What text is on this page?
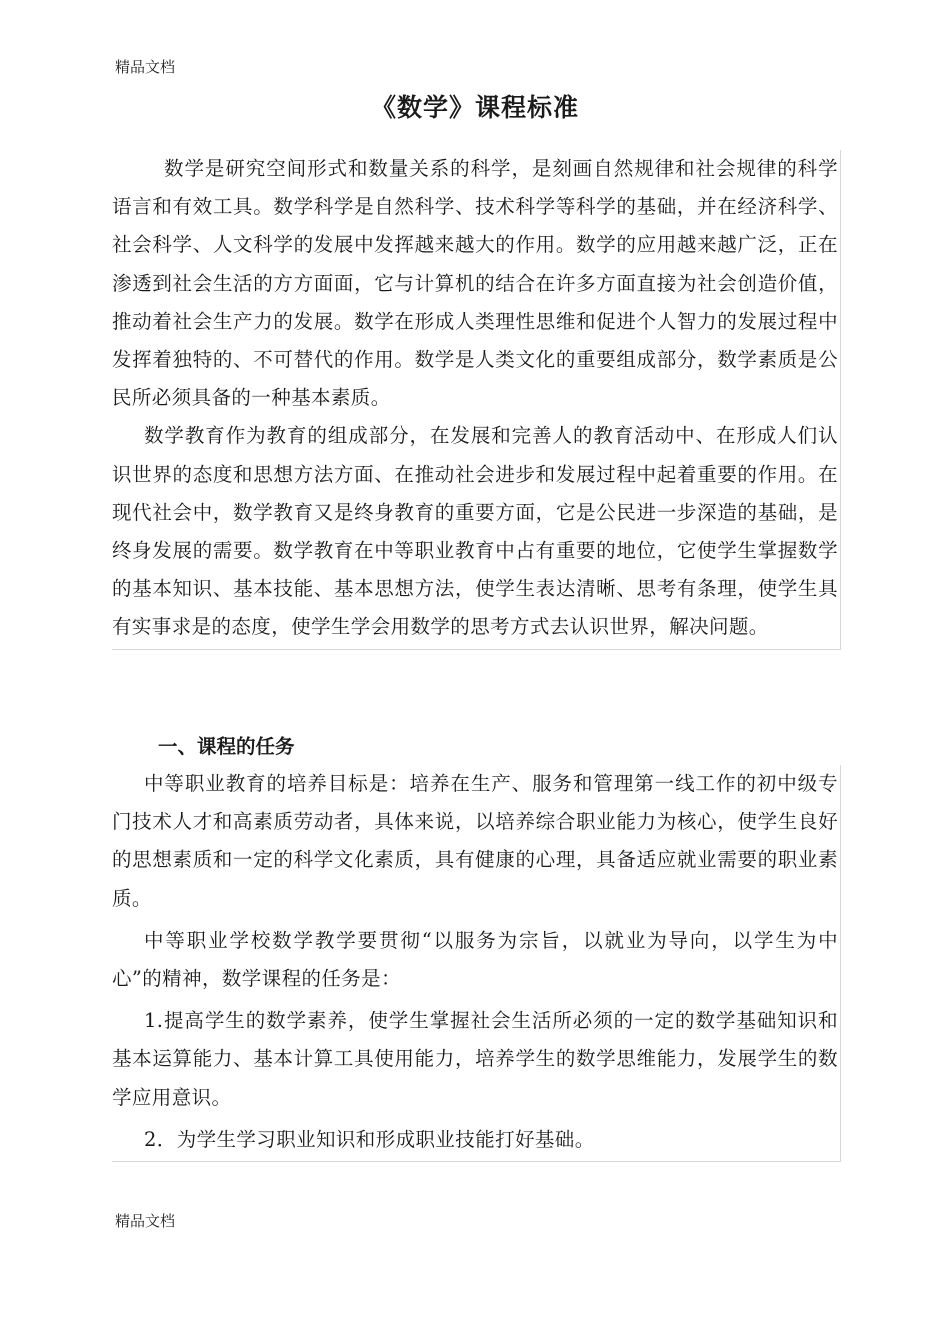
精品文档
《数学》课程标准

数学是研究空间形式和数量关系的科学，是刻画自然规律和社会规律的科学语言和有效工具。数学科学是自然科学、技术科学等科学的基础，并在经济科学、社会科学、人文科学的发展中发挥越来越大的作用。数学的应用越来越广泛，正在渗透到社会生活的方方面面，它与计算机的结合在许多方面直接为社会创造价值，推动着社会生产力的发展。数学在形成人类理性思维和促进个人智力的发展过程中发挥着独特的、不可替代的作用。数学是人类文化的重要组成部分，数学素质是公民所必须具备的一种基本素质。

数学教育作为教育的组成部分，在发展和完善人的教育活动中、在形成人们认识世界的态度和思想方法方面、在推动社会进步和发展过程中起着重要的作用。在现代社会中，数学教育又是终身教育的重要方面，它是公民进一步深造的基础，是终身发展的需要。数学教育在中等职业教育中占有重要的地位，它使学生掌握数学的基本知识、基本技能、基本思想方法，使学生表达清晰、思考有条理，使学生具有实事求是的态度，使学生学会用数学的思考方式去认识世界，解决问题。

一、课程的任务

中等职业教育的培养目标是：培养在生产、服务和管理第一线工作的初中级专门技术人才和高素质劳动者，具体来说，以培养综合职业能力为核心，使学生良好的思想素质和一定的科学文化素质，具有健康的心理，具备适应就业需要的职业素质。

中等职业学校数学教学要贯彻“以服务为宗旨，以就业为导向，以学生为中心”的精神，数学课程的任务是：

1.提高学生的数学素养，使学生掌握社会生活所必须的一定的数学基础知识和基本运算能力、基本计算工具使用能力，培养学生的数学思维能力，发展学生的数学应用意识。

2．为学生学习职业知识和形成职业技能打好基础。

精品文档
